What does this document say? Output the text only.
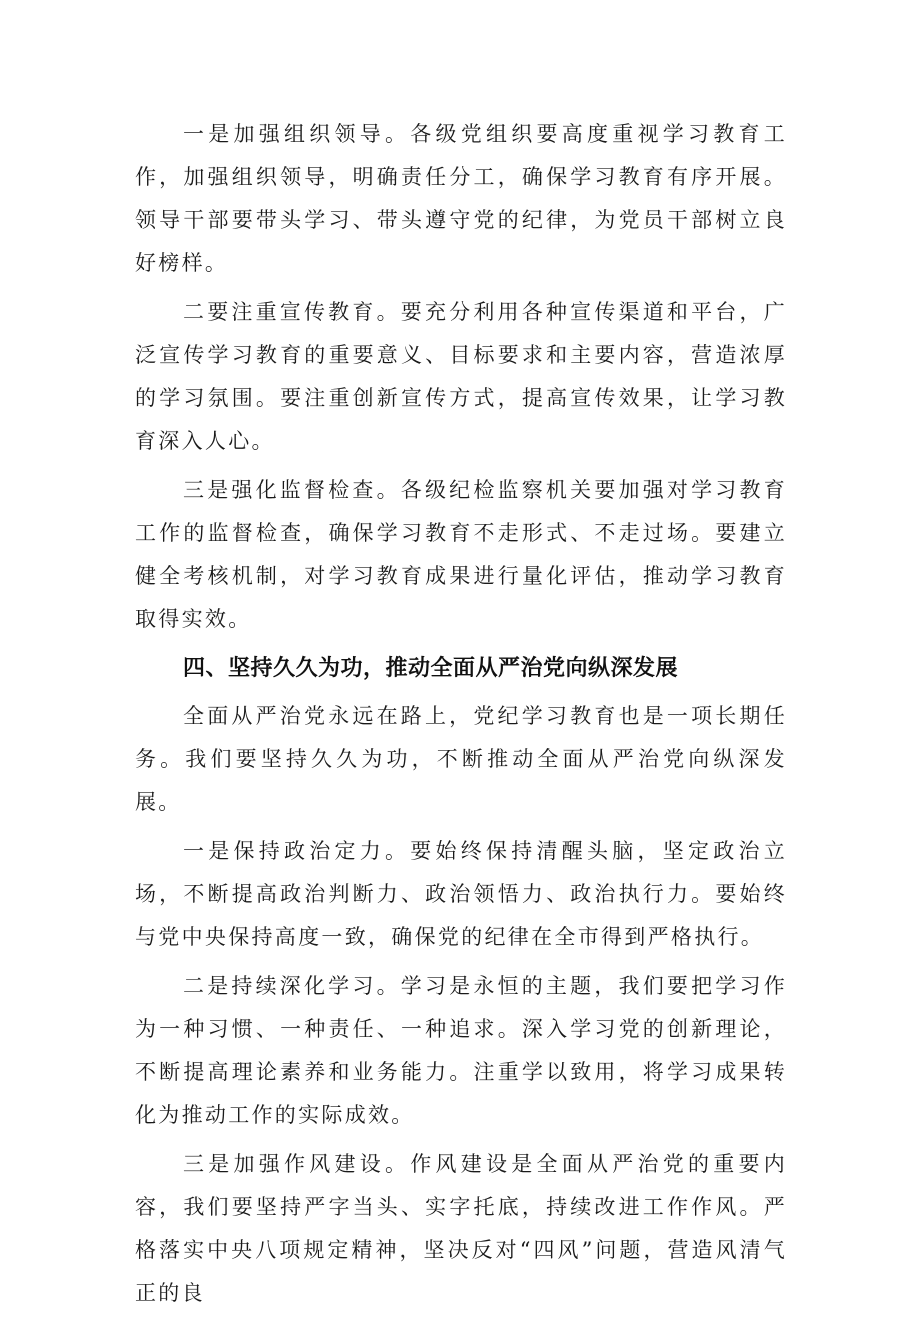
一是加强组织领导。各级党组织要高度重视学习教育工作，加强组织领导，明确责任分工，确保学习教育有序开展。领导干部要带头学习、带头遵守党的纪律，为党员干部树立良好榜样。

二要注重宣传教育。要充分利用各种宣传渠道和平台，广泛宣传学习教育的重要意义、目标要求和主要内容，营造浓厚的学习氛围。要注重创新宣传方式，提高宣传效果，让学习教育深入人心。

三是强化监督检查。各级纪检监察机关要加强对学习教育工作的监督检查，确保学习教育不走形式、不走过场。要建立健全考核机制，对学习教育成果进行量化评估，推动学习教育取得实效。

四、坚持久久为功，推动全面从严治党向纵深发展

全面从严治党永远在路上，党纪学习教育也是一项长期任务。我们要坚持久久为功，不断推动全面从严治党向纵深发展。

一是保持政治定力。要始终保持清醒头脑，坚定政治立场，不断提高政治判断力、政治领悟力、政治执行力。要始终与党中央保持高度一致，确保党的纪律在全市得到严格执行。

二是持续深化学习。学习是永恒的主题，我们要把学习作为一种习惯、一种责任、一种追求。深入学习党的创新理论，不断提高理论素养和业务能力。注重学以致用，将学习成果转化为推动工作的实际成效。

三是加强作风建设。作风建设是全面从严治党的重要内容，我们要坚持严字当头、实字托底，持续改进工作作风。严格落实中央八项规定精神，坚决反对“四风”问题，营造风清气正的良
